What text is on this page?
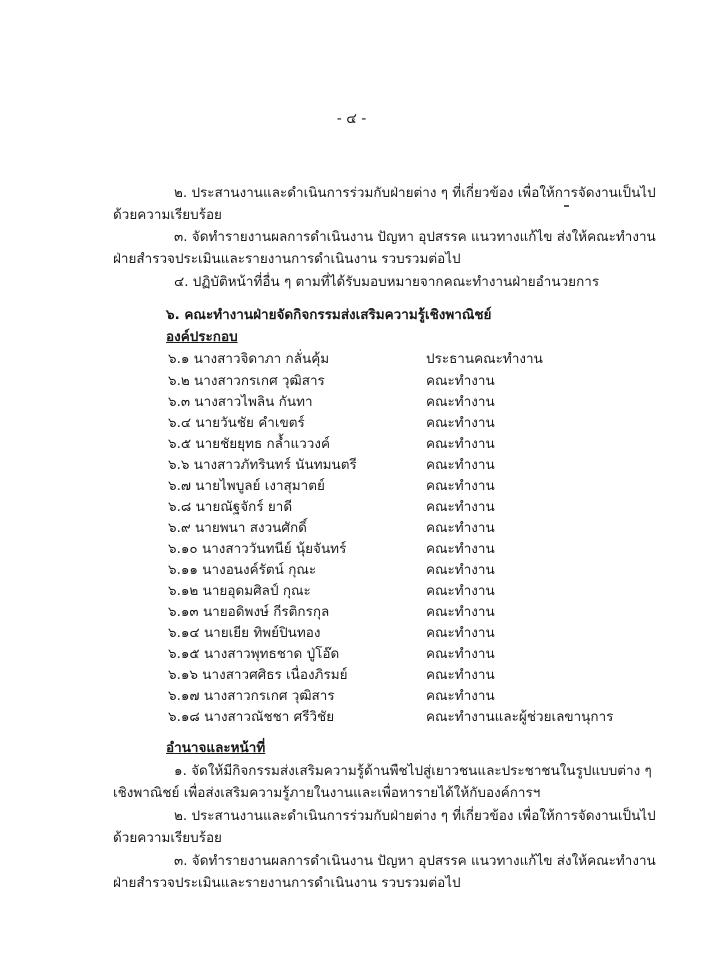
- ๔ -
๒. ประสานงานและดำเนินการร่วมกับฝ่ายต่าง ๆ ที่เกี่ยวข้อง เพื่อให้การจัดงานเป็นไป
ด้วยความเรียบร้อย
๓. จัดทำรายงานผลการดำเนินงาน ปัญหา อุปสรรค แนวทางแก้ไข ส่งให้คณะทำงาน
ฝ่ายสำรวจประเมินและรายงานการดำเนินงาน รวบรวมต่อไป
๔. ปฏิบัติหน้าที่อื่น ๆ ตามที่ได้รับมอบหมายจากคณะทำงานฝ่ายอำนวยการ
๖. คณะทำงานฝ่ายจัดกิจกรรมส่งเสริมความรู้เชิงพาณิชย์
องค์ประกอบ
๖.๑ นางสาวจิดาภา กลั่นคุ้ม	ประธานคณะทำงาน
๖.๒ นางสาวกรเกศ วุฒิสาร	คณะทำงาน
๖.๓ นางสาวไพลิน กันทา	คณะทำงาน
๖.๔ นายวันชัย คำเขตร์	คณะทำงาน
๖.๕ นายชัยยุทธ กล้ำแววงค์	คณะทำงาน
๖.๖ นางสาวภัทรินทร์ นันทมนตรี	คณะทำงาน
๖.๗ นายไพบูลย์ เงาสุมาตย์	คณะทำงาน
๖.๘ นายณัฐจักร์ ยาดี	คณะทำงาน
๖.๙ นายพนา สงวนศักดิ์	คณะทำงาน
๖.๑๐ นางสาววันทนีย์ นุ้ยจันทร์	คณะทำงาน
๖.๑๑ นางอนงค์รัตน์ กุณะ	คณะทำงาน
๖.๑๒ นายอุดมศิลป์ กุณะ	คณะทำงาน
๖.๑๓ นายอดิพงษ์ กีรติกรกุล	คณะทำงาน
๖.๑๔ นายเยีย ทิพย์ปินทอง	คณะทำงาน
๖.๑๕ นางสาวพุทธชาด ปู่โอ๊ด	คณะทำงาน
๖.๑๖ นางสาวศศิธร เนื่องภิรมย์	คณะทำงาน
๖.๑๗ นางสาวกรเกศ วุฒิสาร	คณะทำงาน
๖.๑๘ นางสาวณัชชา ศรีวิชัย	คณะทำงานและผู้ช่วยเลขานุการ
อำนาจและหน้าที่
๑. จัดให้มีกิจกรรมส่งเสริมความรู้ด้านพืชไปสู่เยาวชนและประชาชนในรูปแบบต่าง ๆ
เชิงพาณิชย์ เพื่อส่งเสริมความรู้ภายในงานและเพื่อหารายได้ให้กับองค์การฯ
๒. ประสานงานและดำเนินการร่วมกับฝ่ายต่าง ๆ ที่เกี่ยวข้อง เพื่อให้การจัดงานเป็นไป
ด้วยความเรียบร้อย
๓. จัดทำรายงานผลการดำเนินงาน ปัญหา อุปสรรค แนวทางแก้ไข ส่งให้คณะทำงาน
ฝ่ายสำรวจประเมินและรายงานการดำเนินงาน รวบรวมต่อไป
